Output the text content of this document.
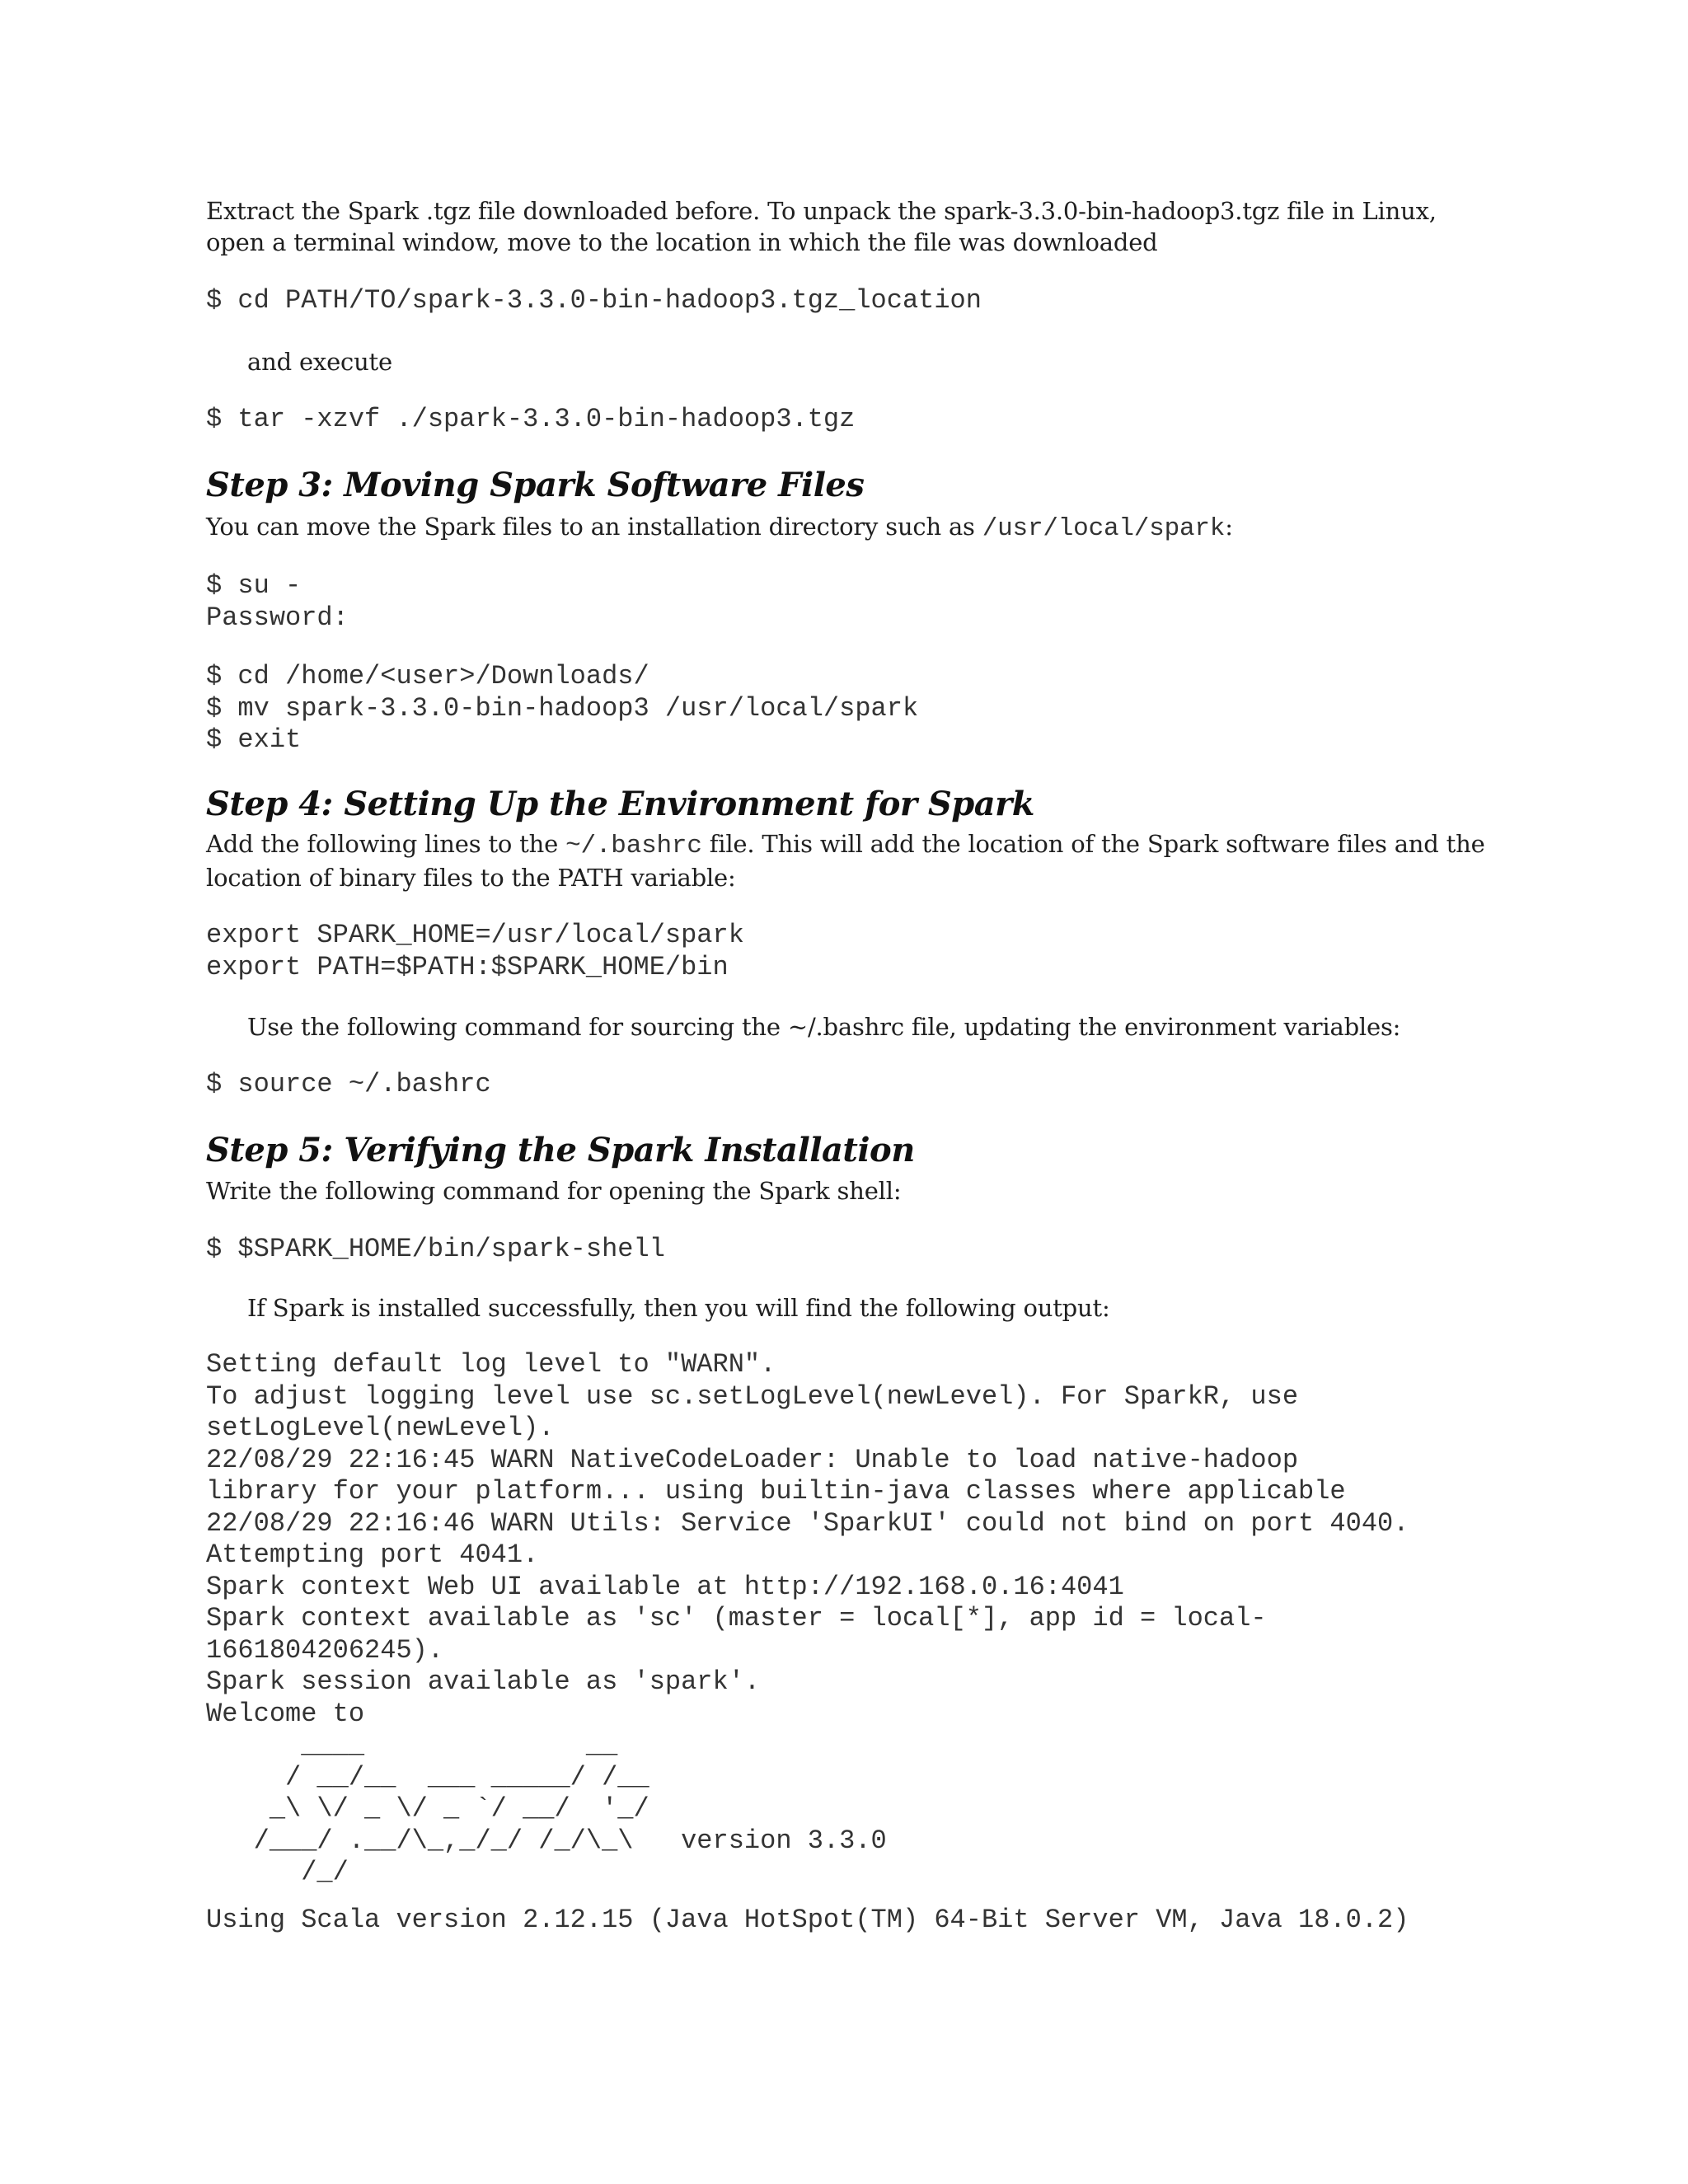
Extract the Spark .tgz file downloaded before. To unpack the spark-3.3.0-bin-hadoop3.tgz file in Linux, open a terminal window, move to the location in which the file was downloaded

$ cd PATH/TO/spark-3.3.0-bin-hadoop3.tgz_location

and execute

$ tar -xzvf ./spark-3.3.0-bin-hadoop3.tgz
Step 3: Moving Spark Software Files

You can move the Spark files to an installation directory such as /usr/local/spark:

$ su -
Password:
$ cd /home/<user>/Downloads/
$ mv spark-3.3.0-bin-hadoop3 /usr/local/spark
$ exit
Step 4: Setting Up the Environment for Spark

Add the following lines to the ~/.bashrc file. This will add the location of the Spark software files and the location of binary files to the PATH variable:

export SPARK_HOME=/usr/local/spark
export PATH=$PATH:$SPARK_HOME/bin

Use the following command for sourcing the ~/.bashrc file, updating the environment variables:

$ source ~/.bashrc
Step 5: Verifying the Spark Installation

Write the following command for opening the Spark shell:

$ $SPARK_HOME/bin/spark-shell

If Spark is installed successfully, then you will find the following output:

Setting default log level to "WARN".
To adjust logging level use sc.setLogLevel(newLevel). For SparkR, use
setLogLevel(newLevel).
22/08/29 22:16:45 WARN NativeCodeLoader: Unable to load native-hadoop
library for your platform... using builtin-java classes where applicable
22/08/29 22:16:46 WARN Utils: Service 'SparkUI' could not bind on port 4040.
Attempting port 4041.
Spark context Web UI available at http://192.168.0.16:4041
Spark context available as 'sc' (master = local[*], app id = local-
1661804206245).
Spark session available as 'spark'.
Welcome to
____              __
/ __/__  ___ _____/ /__
_\ \/ _ \/ _ `/ __/  '_/
/___/ .__/\_,_/_/ /_/\_\   version 3.3.0
/_/
Using Scala version 2.12.15 (Java HotSpot(TM) 64-Bit Server VM, Java 18.0.2)
